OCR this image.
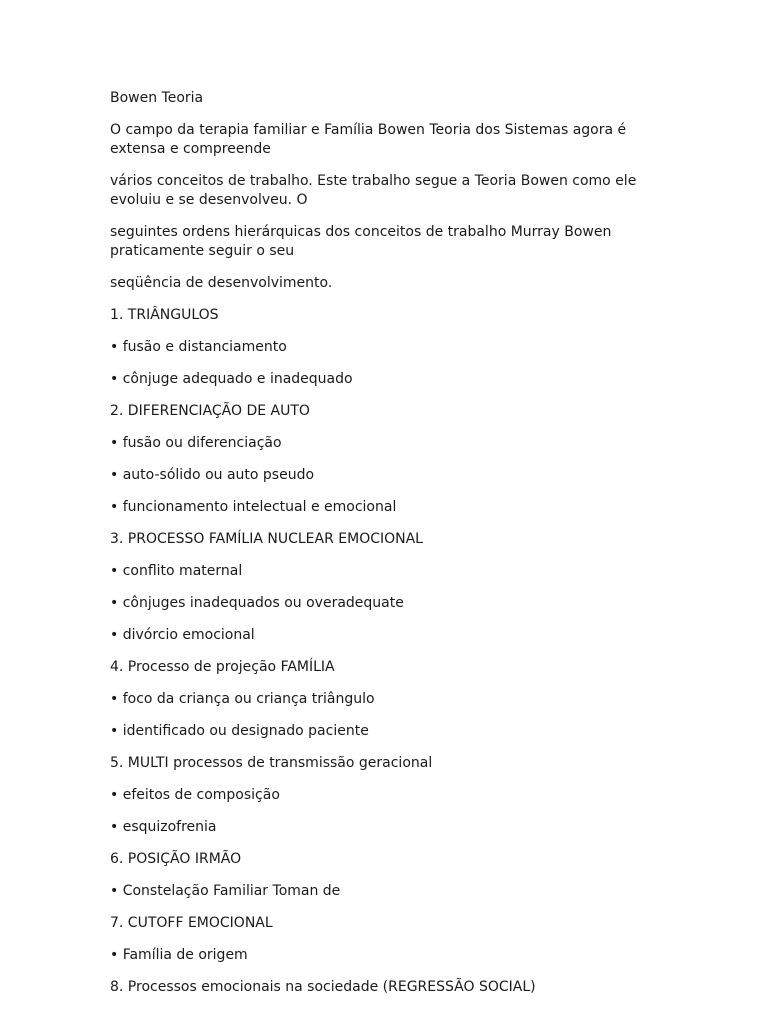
Bowen Teoria

O campo da terapia familiar e Família Bowen Teoria dos Sistemas agora é extensa e compreende

vários conceitos de trabalho. Este trabalho segue a Teoria Bowen como ele evoluiu e se desenvolveu. O

seguintes ordens hierárquicas dos conceitos de trabalho Murray Bowen praticamente seguir o seu

seqüência de desenvolvimento.

1. TRIÂNGULOS

• fusão e distanciamento

• cônjuge adequado e inadequado

2. DIFERENCIAÇÃO DE AUTO

• fusão ou diferenciação

• auto-sólido ou auto pseudo

• funcionamento intelectual e emocional

3. PROCESSO FAMÍLIA NUCLEAR EMOCIONAL

• conflito maternal

• cônjuges inadequados ou overadequate

• divórcio emocional

4. Processo de projeção FAMÍLIA

• foco da criança ou criança triângulo

• identificado ou designado paciente

5. MULTI processos de transmissão geracional

• efeitos de composição

• esquizofrenia

6. POSIÇÃO IRMÃO

• Constelação Familiar Toman de

7. CUTOFF EMOCIONAL

• Família de origem

8. Processos emocionais na sociedade (REGRESSÃO SOCIAL)
